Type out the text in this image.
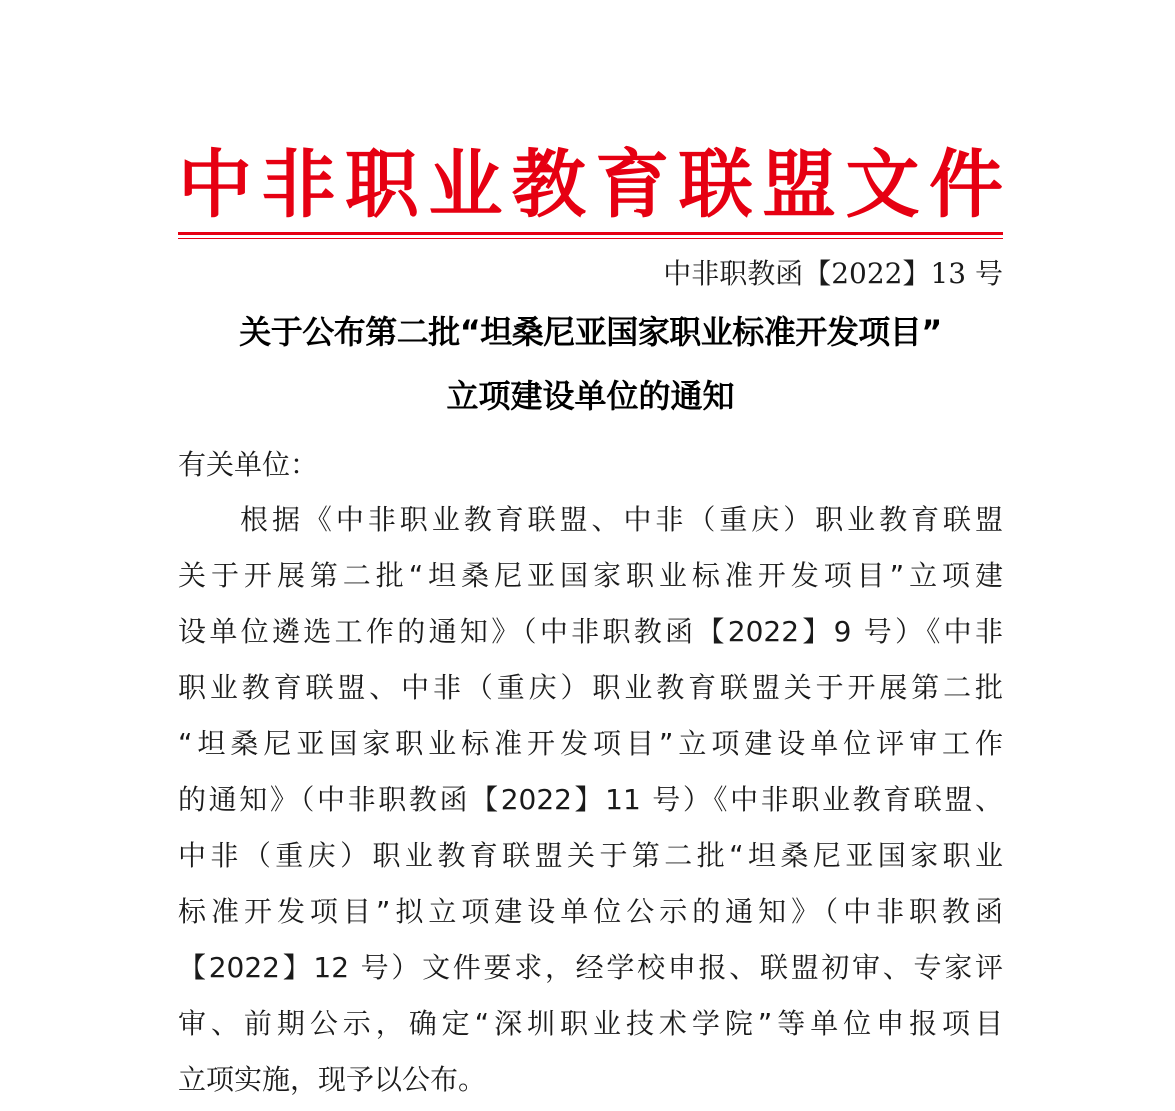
中 非 职 业 教 育 联 盟 文 件
中非职教函【2022】13 号
关于公布第二批“坦桑尼亚国家职业标准开发项目”
立项建设单位的通知
有关单位：
根据《中非职业教育联盟、中非（重庆）职业教育联盟
关于开展第二批“坦桑尼亚国家职业标准开发项目”立项建
设单位遴选工作的通知》（中非职教函【2022】9 号）《中非
职业教育联盟、中非（重庆）职业教育联盟关于开展第二批
“坦桑尼亚国家职业标准开发项目”立项建设单位评审工作
的通知》（中非职教函【2022】11 号）《中非职业教育联盟、
中非（重庆）职业教育联盟关于第二批“坦桑尼亚国家职业
标准开发项目”拟立项建设单位公示的通知》（中非职教函
【2022】12 号）文件要求，经学校申报、联盟初审、专家评
审、前期公示，确定“深圳职业技术学院”等单位申报项目
立项实施，现予以公布。
